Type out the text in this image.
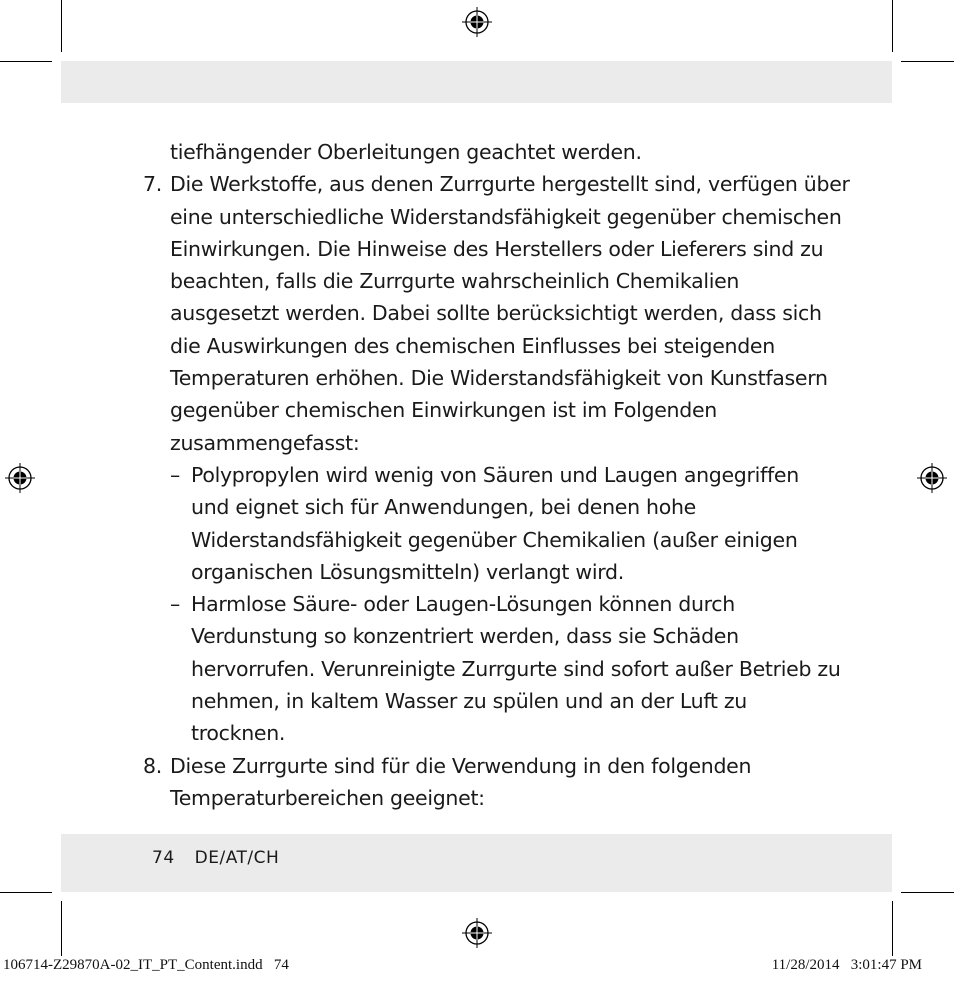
tiefhängender Oberleitungen geachtet werden.
7. Die Werkstoffe, aus denen Zurrgurte hergestellt sind, verfügen über
eine unterschiedliche Widerstandsfähigkeit gegenüber chemischen
Einwirkungen. Die Hinweise des Herstellers oder Lieferers sind zu
beachten, falls die Zurrgurte wahrscheinlich Chemikalien
ausgesetzt werden. Dabei sollte berücksichtigt werden, dass sich
die Auswirkungen des chemischen Einflusses bei steigenden
Temperaturen erhöhen. Die Widerstandsfähigkeit von Kunstfasern
gegenüber chemischen Einwirkungen ist im Folgenden
zusammengefasst:
– Polypropylen wird wenig von Säuren und Laugen angegriffen
und eignet sich für Anwendungen, bei denen hohe
Widerstandsfähigkeit gegenüber Chemikalien (außer einigen
organischen Lösungsmitteln) verlangt wird.
– Harmlose Säure- oder Laugen-Lösungen können durch
Verdunstung so konzentriert werden, dass sie Schäden
hervorrufen. Verunreinigte Zurrgurte sind sofort außer Betrieb zu
nehmen, in kaltem Wasser zu spülen und an der Luft zu
trocknen.
8. Diese Zurrgurte sind für die Verwendung in den folgenden
Temperaturbereichen geeignet:
74 DE/AT/CH
106714-Z29870A-02_IT_PT_Content.indd   74	11/28/2014   3:01:47 PM
